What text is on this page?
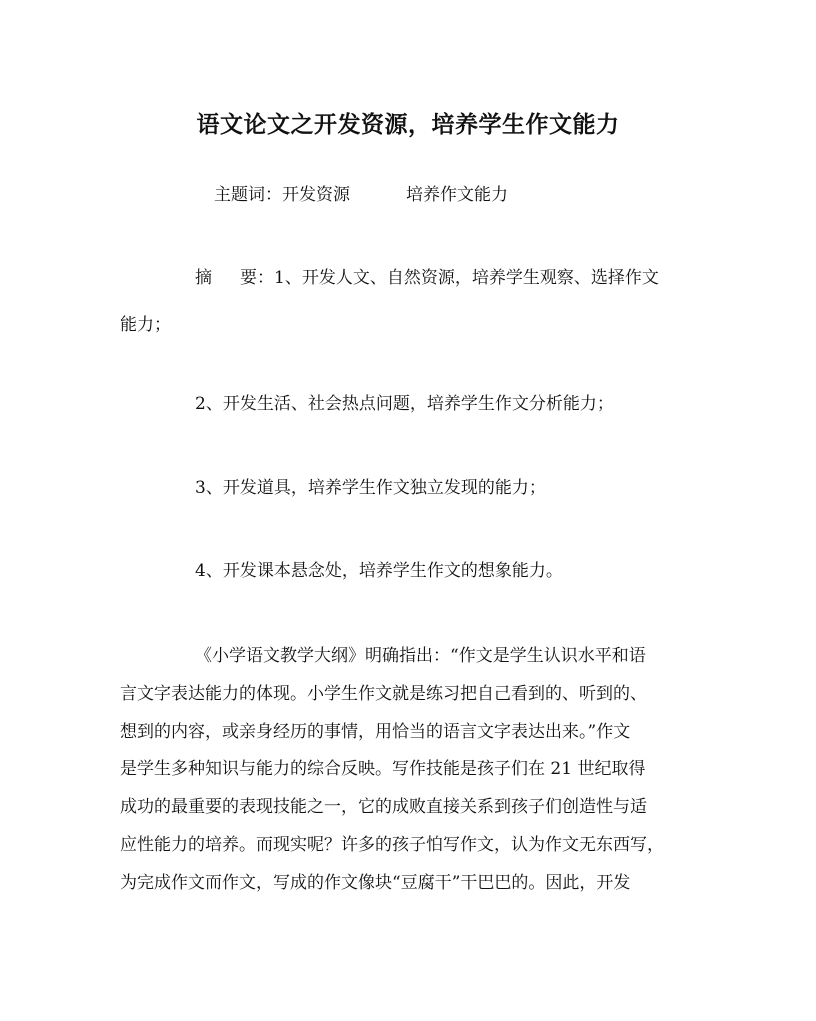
语文论文之开发资源，培养学生作文能力
主题词：开发资源	培养作文能力
摘 要：1、开发人文、自然资源，培养学生观察、选择作文
能力；
2、开发生活、社会热点问题，培养学生作文分析能力；
3、开发道具，培养学生作文独立发现的能力；
4、开发课本悬念处，培养学生作文的想象能力。
《小学语文教学大纲》明确指出：“作文是学生认识水平和语
言文字表达能力的体现。小学生作文就是练习把自己看到的、听到的、
想到的内容，或亲身经历的事情，用恰当的语言文字表达出来。”作文
是学生多种知识与能力的综合反映。写作技能是孩子们在 21 世纪取得
成功的最重要的表现技能之一，它的成败直接关系到孩子们创造性与适
应性能力的培养。而现实呢？许多的孩子怕写作文，认为作文无东西写，
为完成作文而作文，写成的作文像块“豆腐干”干巴巴的。因此，开发
